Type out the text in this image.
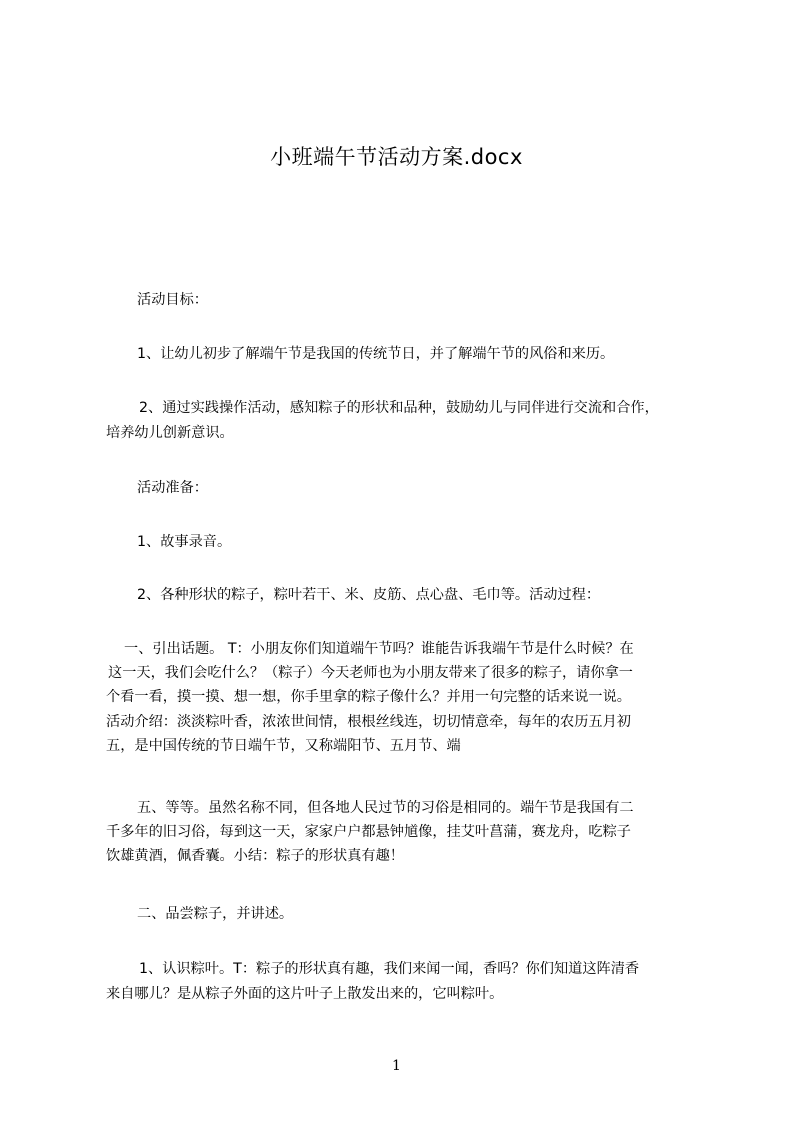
小班端午节活动方案.docx
活动目标：
1、让幼儿初步了解端午节是我国的传统节日，并了解端午节的风俗和来历。
2、通过实践操作活动，感知粽子的形状和品种，鼓励幼儿与同伴进行交流和合作，
培养幼儿创新意识。
活动准备：
1、故事录音。
2、各种形状的粽子，粽叶若干、米、皮筋、点心盘、毛巾等。活动过程：
一、引出话题。 T：小朋友你们知道端午节吗？谁能告诉我端午节是什么时候？在
这一天，我们会吃什么？（粽子）今天老师也为小朋友带来了很多的粽子，请你拿一
个看一看，摸一摸、想一想，你手里拿的粽子像什么？并用一句完整的话来说一说。
活动介绍：淡淡粽叶香，浓浓世间情，根根丝线连，切切情意牵，每年的农历五月初
五，是中国传统的节日端午节，又称端阳节、五月节、端
五、等等。虽然名称不同，但各地人民过节的习俗是相同的。端午节是我国有二
千多年的旧习俗，每到这一天，家家户户都悬钟馗像，挂艾叶菖蒲，赛龙舟，吃粽子
饮雄黄酒，佩香囊。小结：粽子的形状真有趣！
二、品尝粽子，并讲述。
1、认识粽叶。T：粽子的形状真有趣，我们来闻一闻，香吗？你们知道这阵清香
来自哪儿？是从粽子外面的这片叶子上散发出来的，它叫粽叶。
1
